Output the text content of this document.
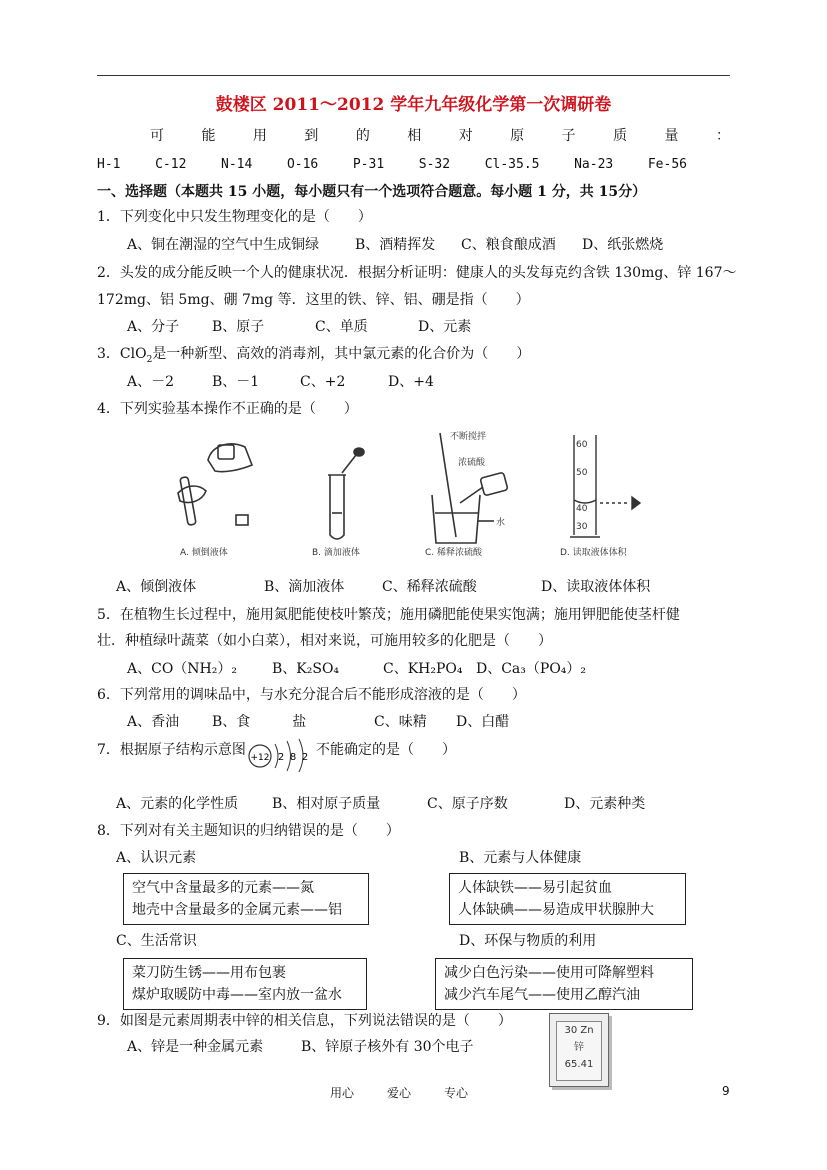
鼓楼区 2011～2012 学年九年级化学第一次调研卷
可	能	用	到	的	相	对	原	子	质	量	：
H-1	C-12	N-14	O-16	P-31	S-32	Cl-35.5	Na-23	Fe-56
一、选择题（本题共 15 小题，每小题只有一个选项符合题意。每小题 1 分，共 15分）
1．下列变化中只发生物理变化的是（　　）
A、铜在潮湿的空气中生成铜绿	B、酒精挥发 C、粮食酿成酒 D、纸张燃烧
2．头发的成分能反映一个人的健康状况．根据分析证明：健康人的头发每克约含铁 130mg、锌 167～
172mg、铝 5mg、硼 7mg 等．这里的铁、锌、铝、硼是指（　　）
A、分子 B、原子	C、单质	D、元素
3．ClO$_2$是一种新型、高效的消毒剂，其中氯元素的化合价为（　　）
A、－2	B、－1	C、+2	D、+4
4．下列实验基本操作不正确的是（　　）
A. 倾倒液体	B. 滴加液体
不断搅拌
浓硫酸
水
C. 稀释浓硫酸
60
50
40
30
D. 读取液体体积
A、倾倒液体	B、滴加液体	C、稀释浓硫酸	D、读取液体体积
5．在植物生长过程中，施用氮肥能使枝叶繁茂；施用磷肥能使果实饱满；施用钾肥能使茎杆健
壮．种植绿叶蔬菜（如小白菜），相对来说，可施用较多的化肥是（　　）
A、CO（NH₂）₂	B、K₂SO₄	C、KH₂PO₄ D、Ca₃（PO₄）₂
6．下列常用的调味品中，与水充分混合后不能形成溶液的是（　　）
A、香油 B、食　　　盐	C、味精 D、白醋
7．根据原子结构示意图 +12 2 8 2 不能确定的是（　　）
A、元素的化学性质 B、相对原子质量	C、原子序数	D、元素种类
8．下列对有关主题知识的归纳错误的是（　　）
A、认识元素	B、元素与人体健康
空气中含量最多的元素——氮
地壳中含量最多的金属元素——铝
人体缺铁——易引起贫血
人体缺碘——易造成甲状腺肿大
C、生活常识	D、环保与物质的利用
菜刀防生锈——用布包裹
煤炉取暖防中毒——室内放一盆水
减少白色污染——使用可降解塑料
减少汽车尾气——使用乙醇汽油
9．如图是元素周期表中锌的相关信息，下列说法错误的是（　　）
A、锌是一种金属元素	B、锌原子核外有 30个电子
30 Zn
锌
65.41
用心	爱心	专心	9
